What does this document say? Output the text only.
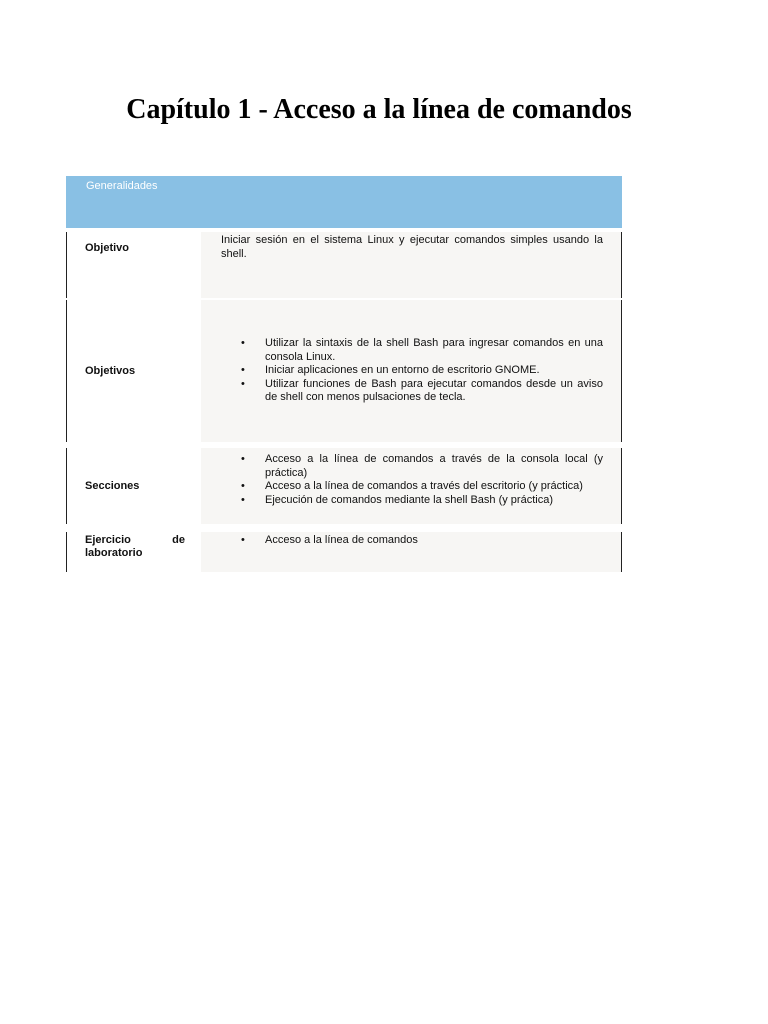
Capítulo 1 - Acceso a la línea de comandos
Generalidades
Objetivo
Iniciar sesión en el sistema Linux y ejecutar comandos simples usando la shell.
Objetivos
• Utilizar la sintaxis de la shell Bash para ingresar comandos en una consola Linux.
• Iniciar aplicaciones en un entorno de escritorio GNOME.
• Utilizar funciones de Bash para ejecutar comandos desde un aviso de shell con menos pulsaciones de tecla.
Secciones
• Acceso a la línea de comandos a través de la consola local (y práctica)
• Acceso a la línea de comandos a través del escritorio (y práctica)
• Ejecución de comandos mediante la shell Bash (y práctica)
Ejercicio de laboratorio
• Acceso a la línea de comandos
